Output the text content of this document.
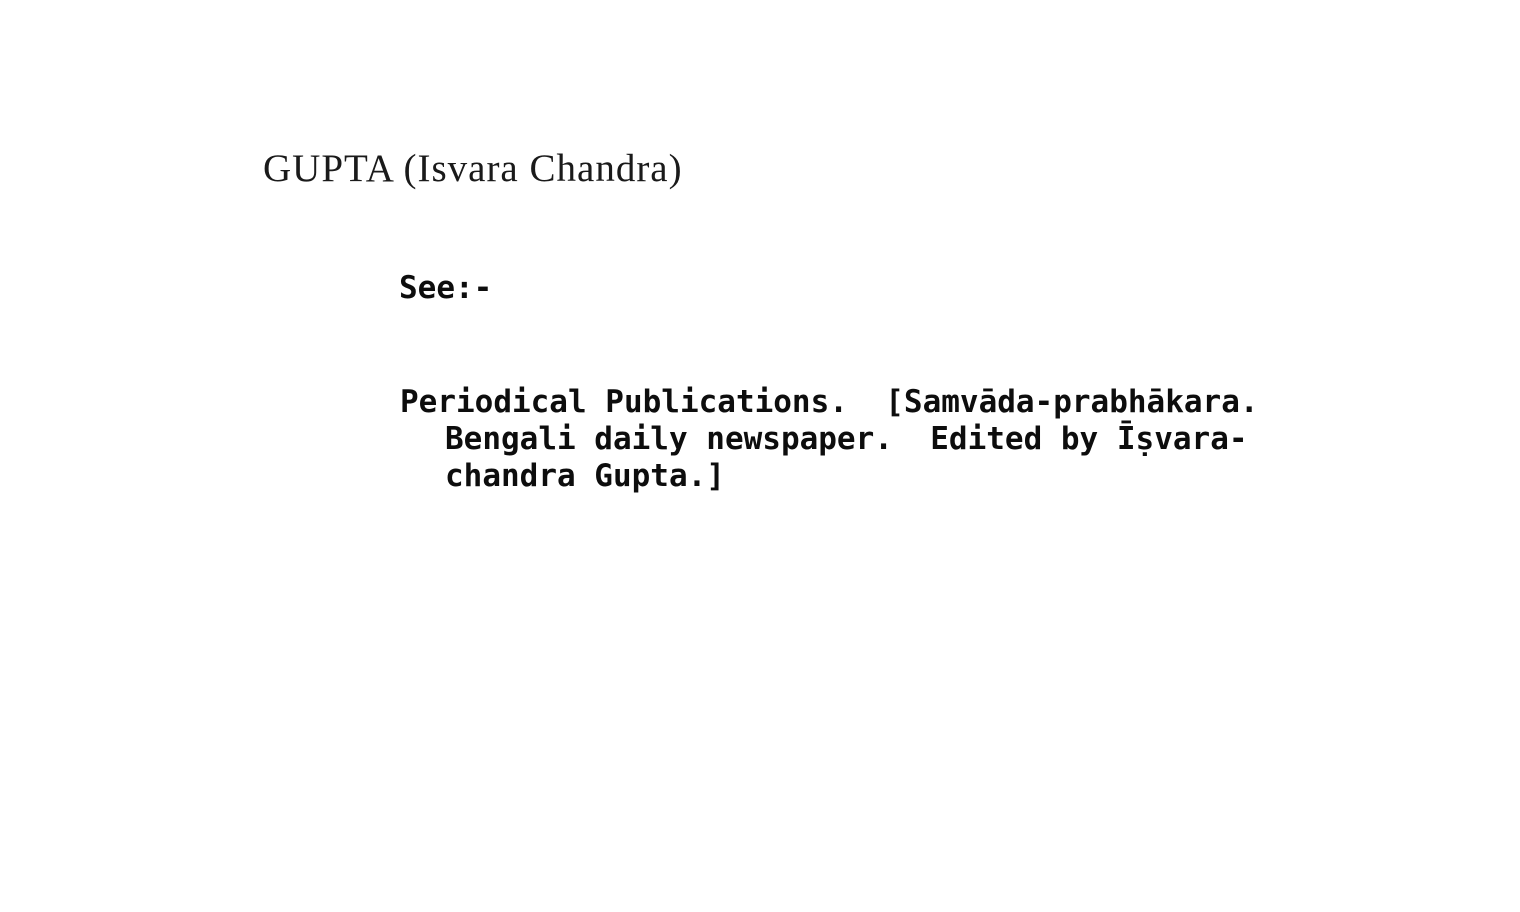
GUPTA (Isvara Chandra)
See:-
Periodical Publications.  [Samvāda-prabhākara.
Bengali daily newspaper.  Edited by Īṣvara-
chandra Gupta.]
